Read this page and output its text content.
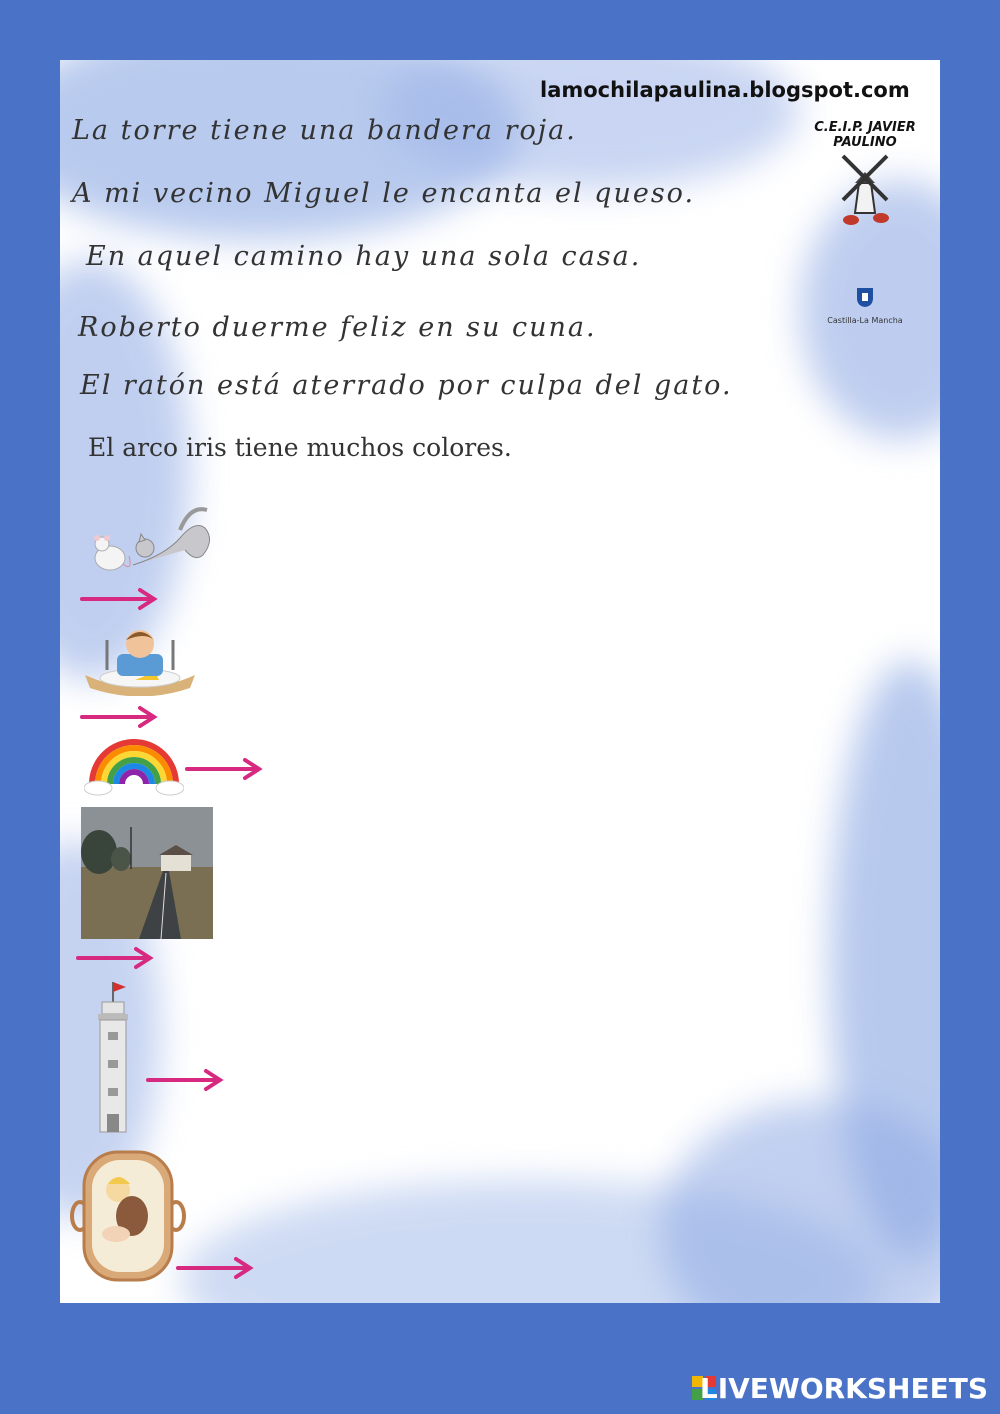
lamochilapaulina.blogspot.com
La torre tiene una bandera roja.
A mi vecino Miguel le encanta el queso.
En aquel camino hay una sola casa.
Roberto duerme feliz en su cuna.
El ratón está aterrado por culpa del gato.
El arco iris tiene muchos colores.
C.E.I.P. JAVIER PAULINO
Castilla-La Mancha
LIVEWORKSHEETS
